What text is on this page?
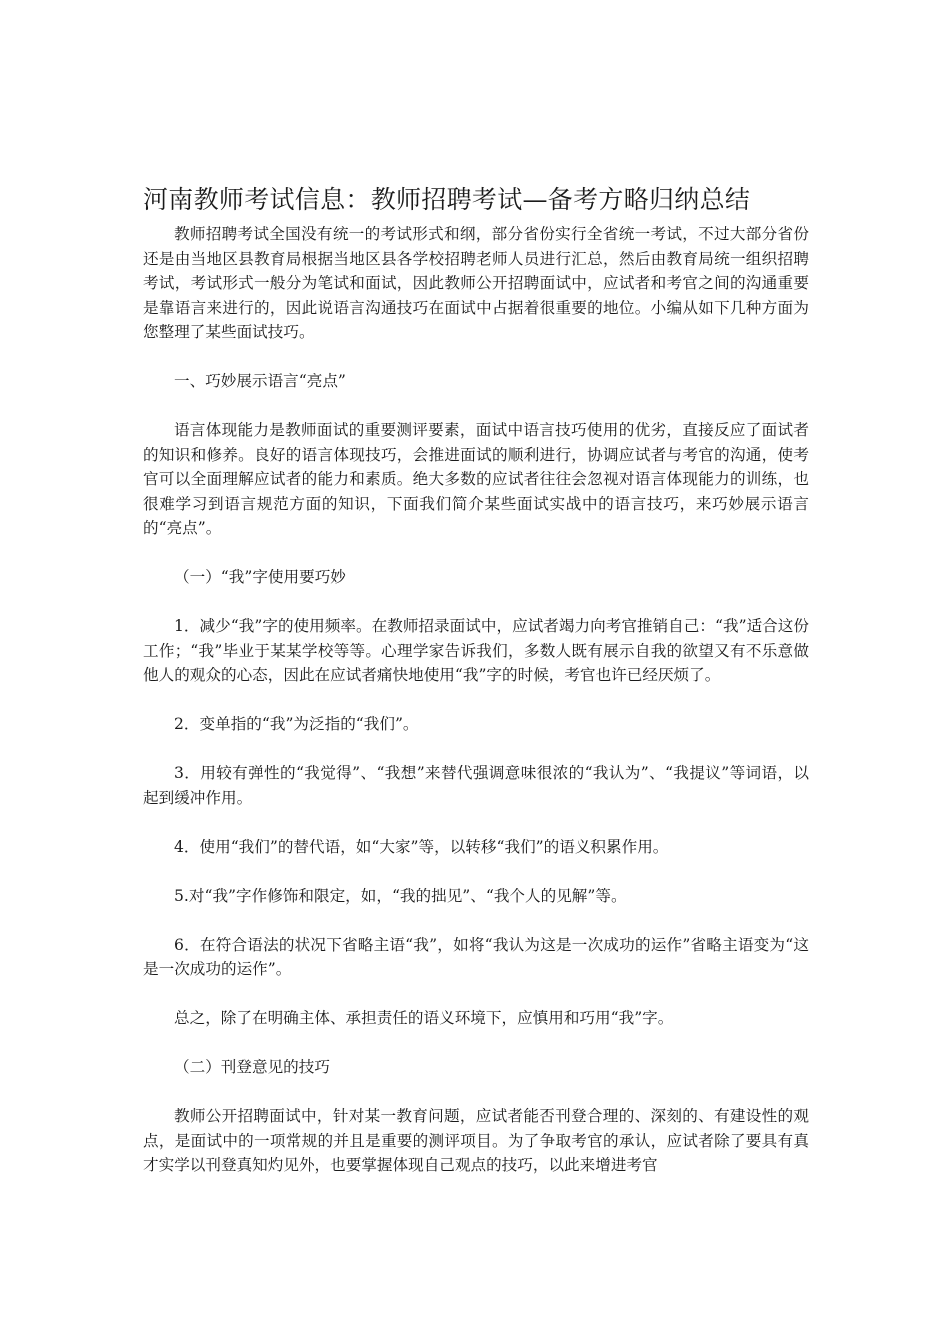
河南教师考试信息：教师招聘考试—备考方略归纳总结

教师招聘考试全国没有统一的考试形式和纲，部分省份实行全省统一考试，不过大部分省份还是由当地区县教育局根据当地区县各学校招聘老师人员进行汇总，然后由教育局统一组织招聘考试，考试形式一般分为笔试和面试，因此教师公开招聘面试中，应试者和考官之间的沟通重要是靠语言来进行的，因此说语言沟通技巧在面试中占据着很重要的地位。小编从如下几种方面为您整理了某些面试技巧。

一、巧妙展示语言“亮点”

语言体现能力是教师面试的重要测评要素，面试中语言技巧使用的优劣，直接反应了面试者的知识和修养。良好的语言体现技巧，会推进面试的顺利进行，协调应试者与考官的沟通，使考官可以全面理解应试者的能力和素质。绝大多数的应试者往往会忽视对语言体现能力的训练，也很难学习到语言规范方面的知识，下面我们简介某些面试实战中的语言技巧，来巧妙展示语言的“亮点”。

（一）“我”字使用要巧妙

1．减少“我”字的使用频率。在教师招录面试中，应试者竭力向考官推销自己：“我”适合这份工作；“我”毕业于某某学校等等。心理学家告诉我们，多数人既有展示自我的欲望又有不乐意做他人的观众的心态，因此在应试者痛快地使用“我”字的时候，考官也许已经厌烦了。

2．变单指的“我”为泛指的“我们”。

3．用较有弹性的“我觉得”、“我想”来替代强调意味很浓的“我认为”、“我提议”等词语，以起到缓冲作用。

4．使用“我们”的替代语，如“大家”等，以转移“我们”的语义积累作用。

5.对“我”字作修饰和限定，如，“我的拙见”、“我个人的见解”等。

6．在符合语法的状况下省略主语“我”，如将“我认为这是一次成功的运作”省略主语变为“这是一次成功的运作”。

总之，除了在明确主体、承担责任的语义环境下，应慎用和巧用“我”字。

（二）刊登意见的技巧

教师公开招聘面试中，针对某一教育问题，应试者能否刊登合理的、深刻的、有建设性的观点，是面试中的一项常规的并且是重要的测评项目。为了争取考官的承认，应试者除了要具有真才实学以刊登真知灼见外，也要掌握体现自己观点的技巧，以此来增进考官
